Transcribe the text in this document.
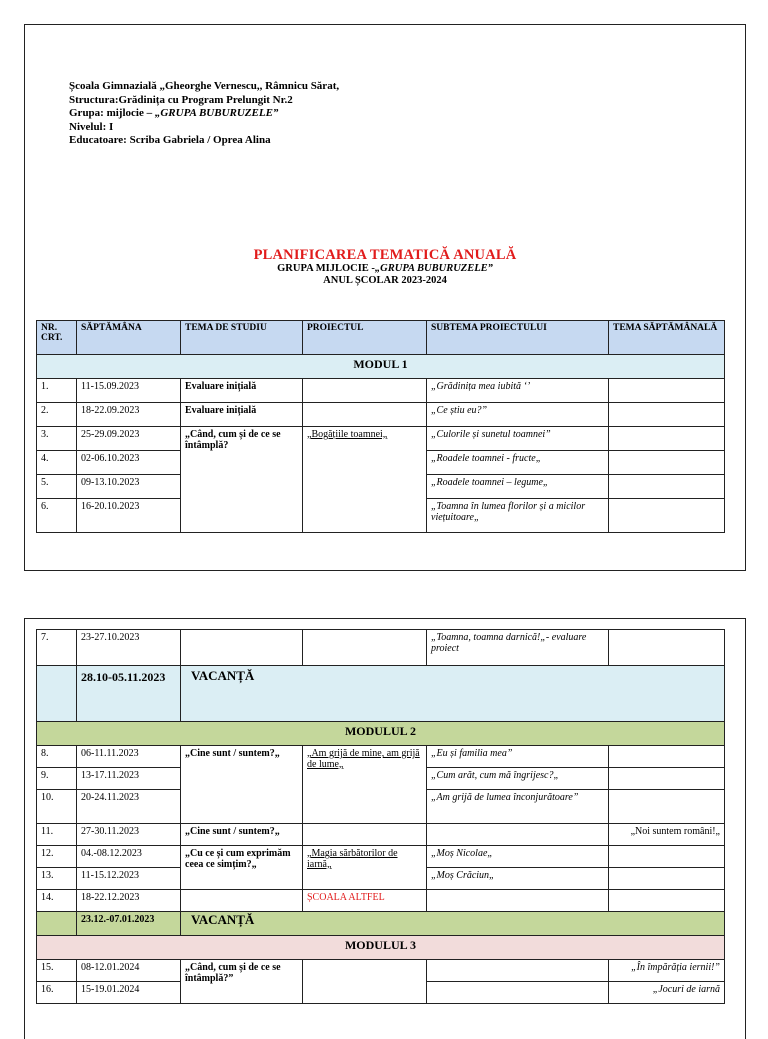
Școala Gimnazială „Gheorghe Vernescu,, Râmnicu Sărat,
Structura:Grădinița cu Program Prelungit Nr.2
Grupa: mijlocie – „GRUPA BUBURUZELE”
Nivelul: I
Educatoare: Scriba Gabriela / Oprea Alina
PLANIFICAREA TEMATICĂ ANUALĂ
GRUPA MIJLOCIE -„GRUPA BUBURUZELE”
ANUL ȘCOLAR 2023-2024
NR. CRT.	SĂPTĂMÂNA	TEMA DE STUDIU	PROIECTUL	SUBTEMA PROIECTULUI	TEMA SĂPTĂMÂNALĂ
MODUL 1					
1.	11-15.09.2023	Evaluare inițială		„Grădinița mea iubită ‘’	
2.	18-22.09.2023	Evaluare inițială		„Ce știu eu?”	
3.	25-29.09.2023	„Când, cum și de ce se întâmplă?	„Bogățiile toamnei„	„Culorile și sunetul toamnei”	
4.	02-06.10.2023			„Roadele toamnei - fructe„	
5.	09-13.10.2023			„Roadele toamnei – legume„	
6.	16-20.10.2023			„Toamna în lumea florilor și a micilor viețuitoare„	
7.	23-27.10.2023			„Toamna, toamna darnică!„- evaluare proiect	
	28.10-05.11.2023	VACANȚĂ			
MODULUL 2					
8.	06-11.11.2023	„Cine sunt / suntem?„	„Am grijă de mine, am grijă de lume„	„Eu și familia mea”	
9.	13-17.11.2023			„Cum arăt, cum mă îngrijesc?„	
10.	20-24.11.2023			„Am grijă de lumea înconjurătoare”	
11.	27-30.11.2023	„Cine sunt / suntem?„			„Noi suntem români!„
12.	04.-08.12.2023	„Cu ce și cum exprimăm ceea ce simțim?„	„Magia sărbătorilor de iarnă„	„Moș Nicolae„	
13.	11-15.12.2023			„Moș Crăciun„	
14.	18-22.12.2023		ȘCOALA ALTFEL		
	23.12.-07.01.2023	VACANȚĂ			
MODULUL 3					
15.	08-12.01.2024	„Când, cum și de ce se întâmplă?”			„În împărăția iernii!”
16.	15-19.01.2024				„Jocuri de iarnă
